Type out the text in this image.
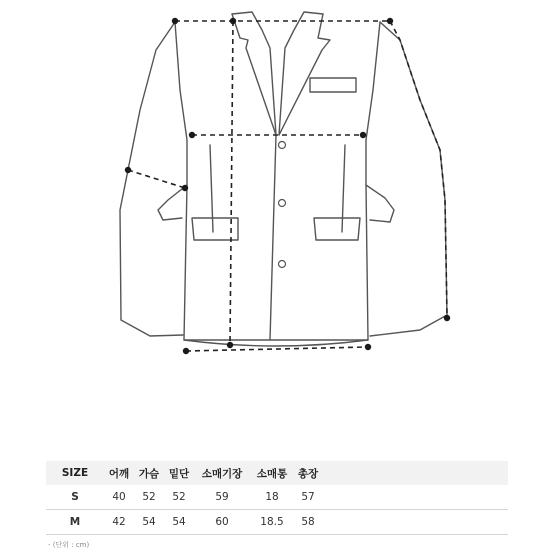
SIZE	어깨	가슴	밑단	소매기장	소매통	총장	
S	40	52	52	59	18	57	
M	42	54	54	60	18.5	58	
- (단위 : cm)
